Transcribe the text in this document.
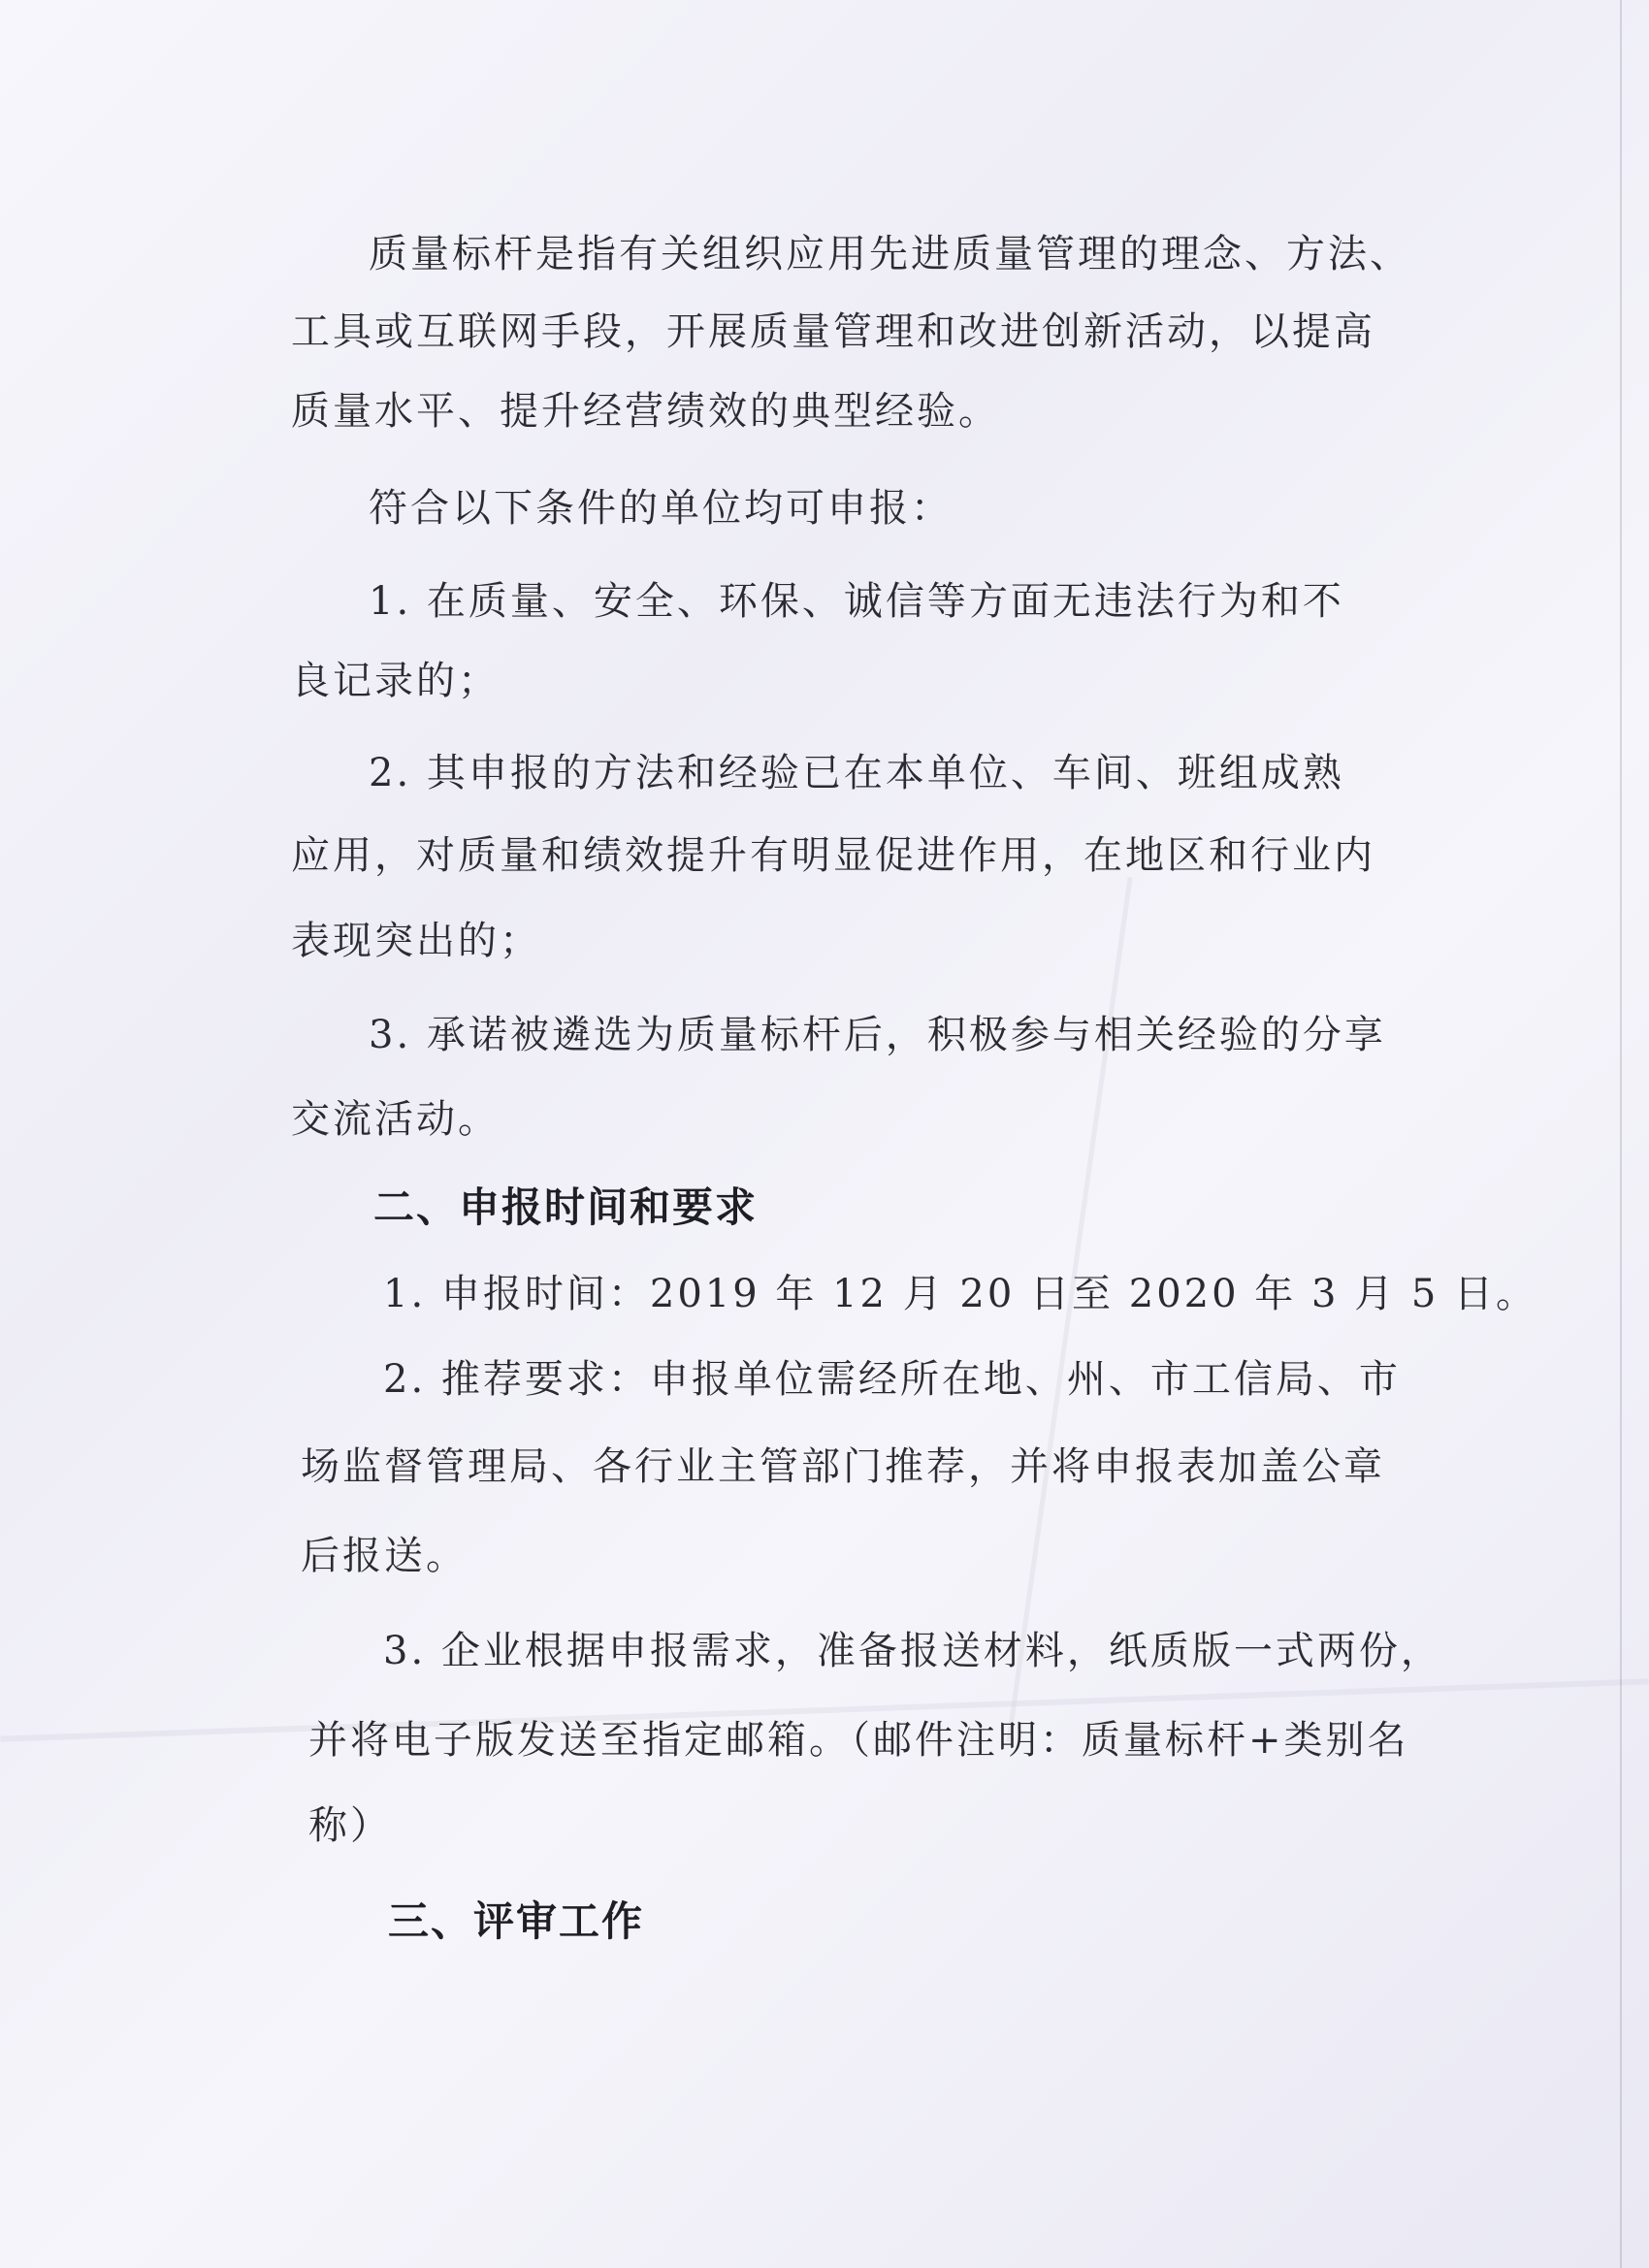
质量标杆是指有关组织应用先进质量管理的理念、方法、
工具或互联网手段，开展质量管理和改进创新活动，以提高
质量水平、提升经营绩效的典型经验。
符合以下条件的单位均可申报：
1. 在质量、安全、环保、诚信等方面无违法行为和不
良记录的；
2. 其申报的方法和经验已在本单位、车间、班组成熟
应用，对质量和绩效提升有明显促进作用，在地区和行业内
表现突出的；
3. 承诺被遴选为质量标杆后，积极参与相关经验的分享
交流活动。
二、申报时间和要求
1. 申报时间：2019 年 12 月 20 日至 2020 年 3 月 5 日。
2. 推荐要求：申报单位需经所在地、州、市工信局、市
场监督管理局、各行业主管部门推荐，并将申报表加盖公章
后报送。
3. 企业根据申报需求，准备报送材料，纸质版一式两份，
并将电子版发送至指定邮箱。（邮件注明：质量标杆+类别名
称）
三、评审工作
